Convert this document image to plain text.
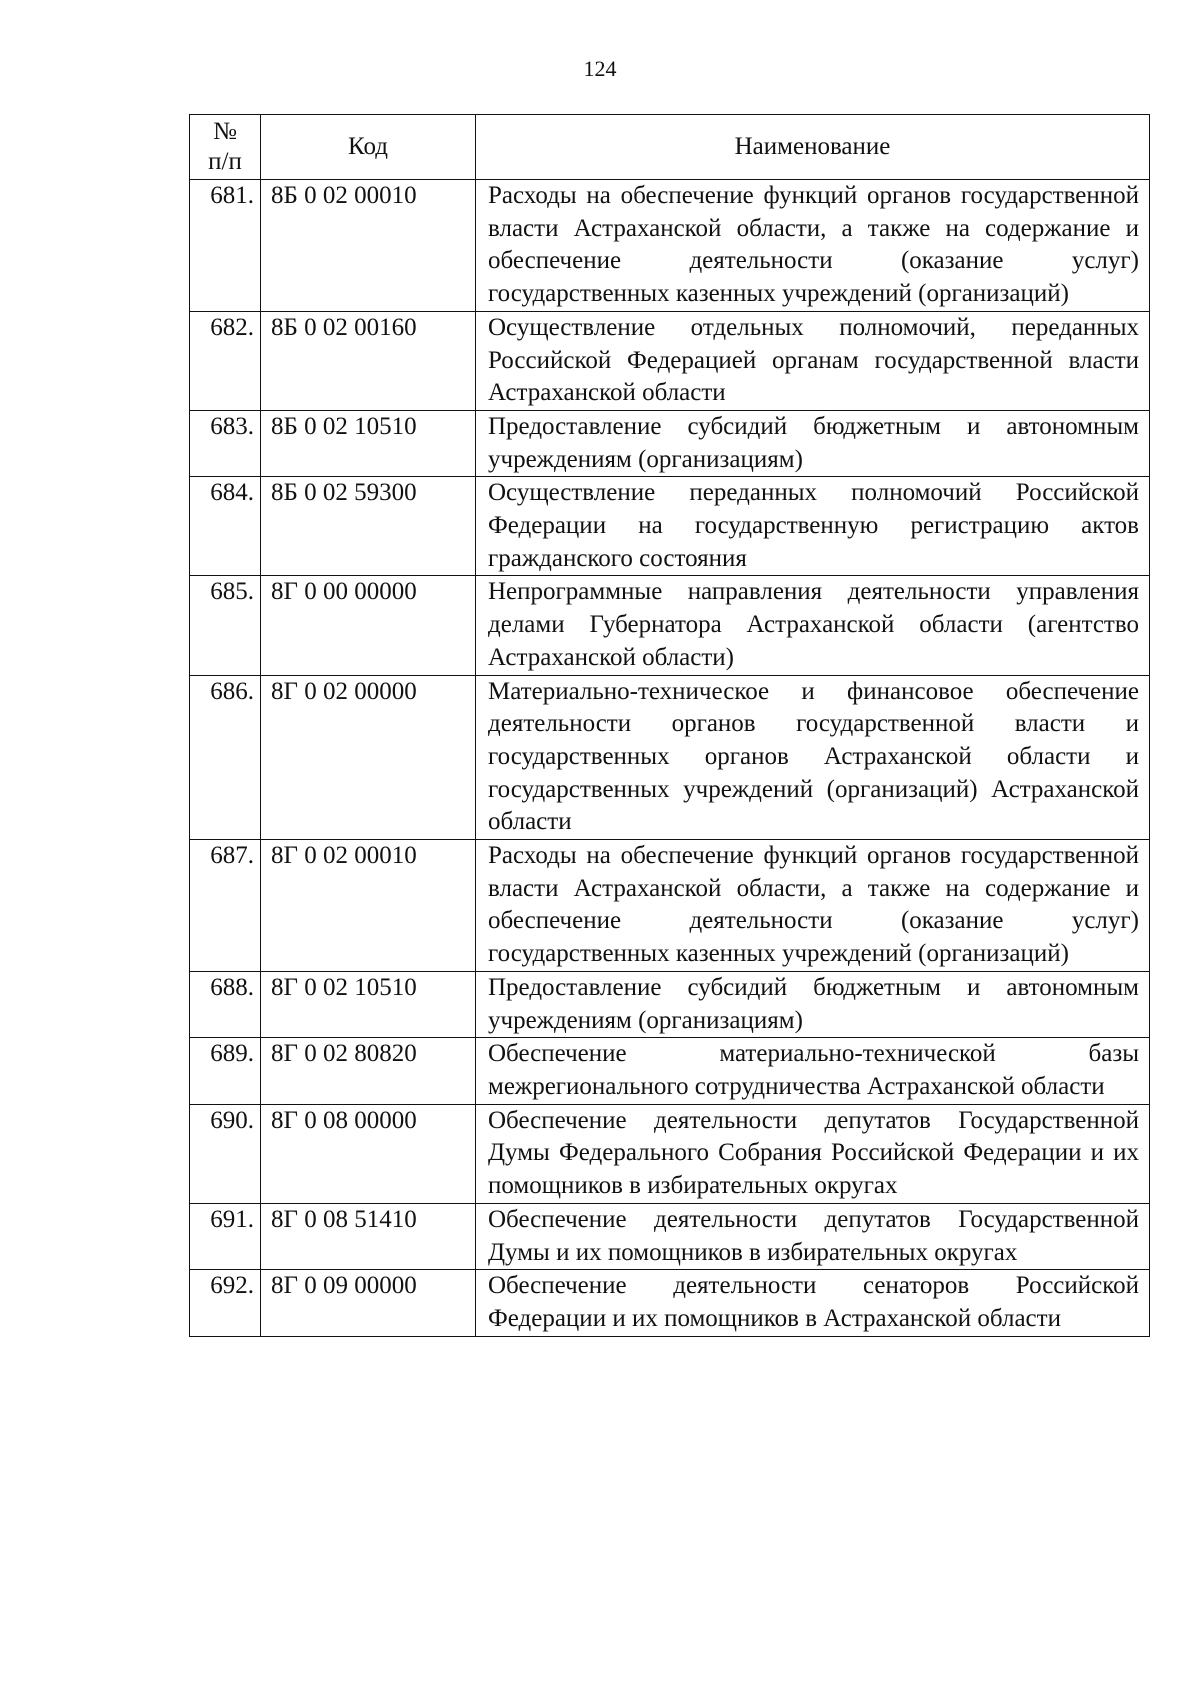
124
№
п/п	Код	Наименование
681.	8Б 0 02 00010	Расходы на обеспечение функций органов государственной власти Астраханской области, а также на содержание и обеспечение деятельности (оказание услуг) государственных казенных учреждений (организаций)
682.	8Б 0 02 00160	Осуществление отдельных полномочий, переданных Российской Федерацией органам государственной власти Астраханской области
683.	8Б 0 02 10510	Предоставление субсидий бюджетным и автономным учреждениям (организациям)
684.	8Б 0 02 59300	Осуществление переданных полномочий Российской Федерации на государственную регистрацию актов гражданского состояния
685.	8Г 0 00 00000	Непрограммные направления деятельности управления делами Губернатора Астраханской области (агентство Астраханской области)
686.	8Г 0 02 00000	Материально-техническое и финансовое обеспечение деятельности органов государственной власти и государственных органов Астраханской области и государственных учреждений (организаций) Астраханской области
687.	8Г 0 02 00010	Расходы на обеспечение функций органов государственной власти Астраханской области, а также на содержание и обеспечение деятельности (оказание услуг) государственных казенных учреждений (организаций)
688.	8Г 0 02 10510	Предоставление субсидий бюджетным и автономным учреждениям (организациям)
689.	8Г 0 02 80820	Обеспечение материально-технической базы межрегионального сотрудничества Астраханской области
690.	8Г 0 08 00000	Обеспечение деятельности депутатов Государственной Думы Федерального Собрания Российской Федерации и их помощников в избирательных округах
691.	8Г 0 08 51410	Обеспечение деятельности депутатов Государственной Думы и их помощников в избирательных округах
692.	8Г 0 09 00000	Обеспечение деятельности сенаторов Российской Федерации и их помощников в Астраханской области
